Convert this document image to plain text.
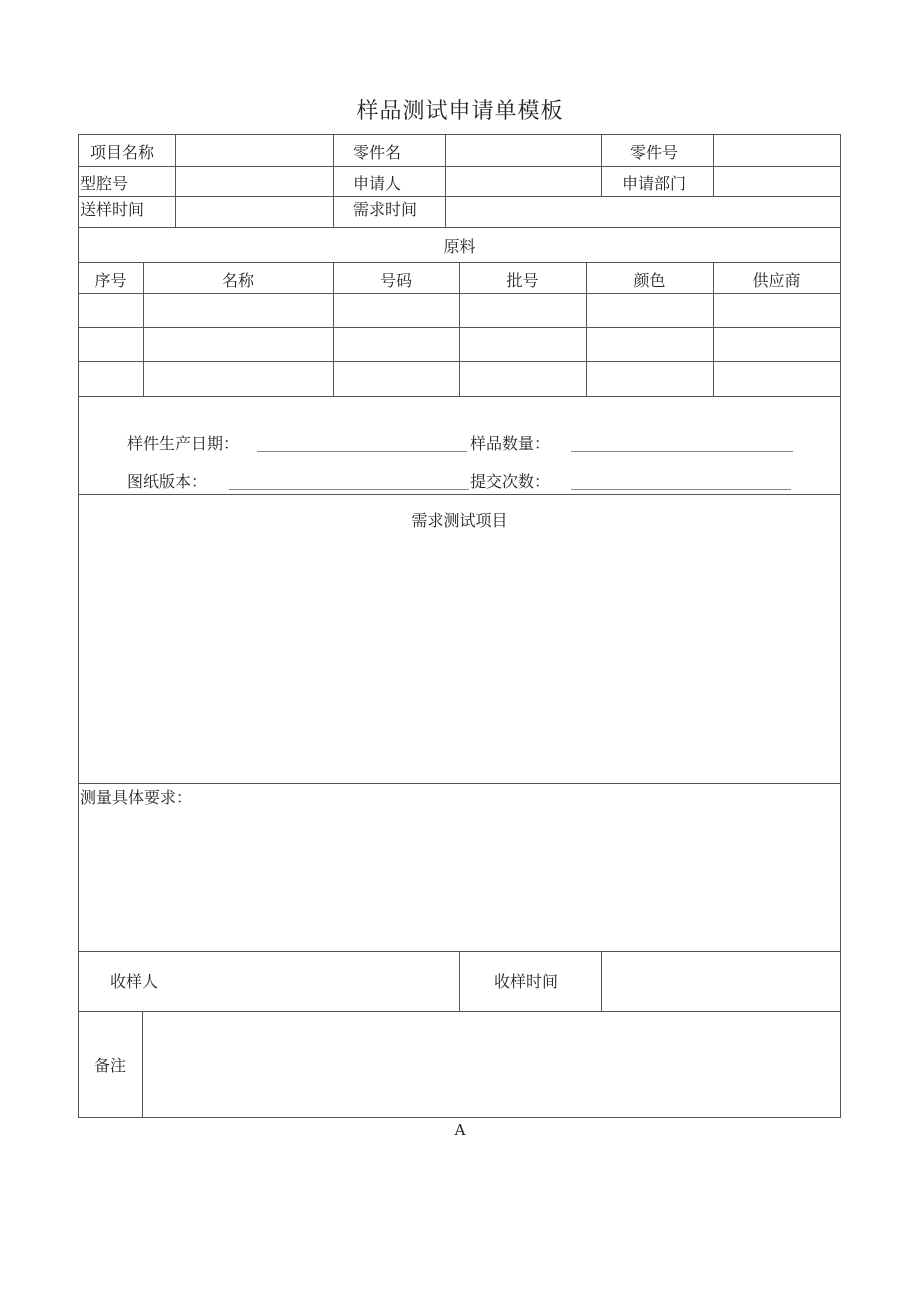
样品测试申请单模板
项目名称	零件名	零件号
型腔号	申请人	申请部门
送样时间	需求时间
原料
序号	名称	号码	批号	颜色	供应商
样件生产日期：	样品数量：
图纸版本：	提交次数：
需求测试项目
测量具体要求：
收样人	收样时间
备注
A
